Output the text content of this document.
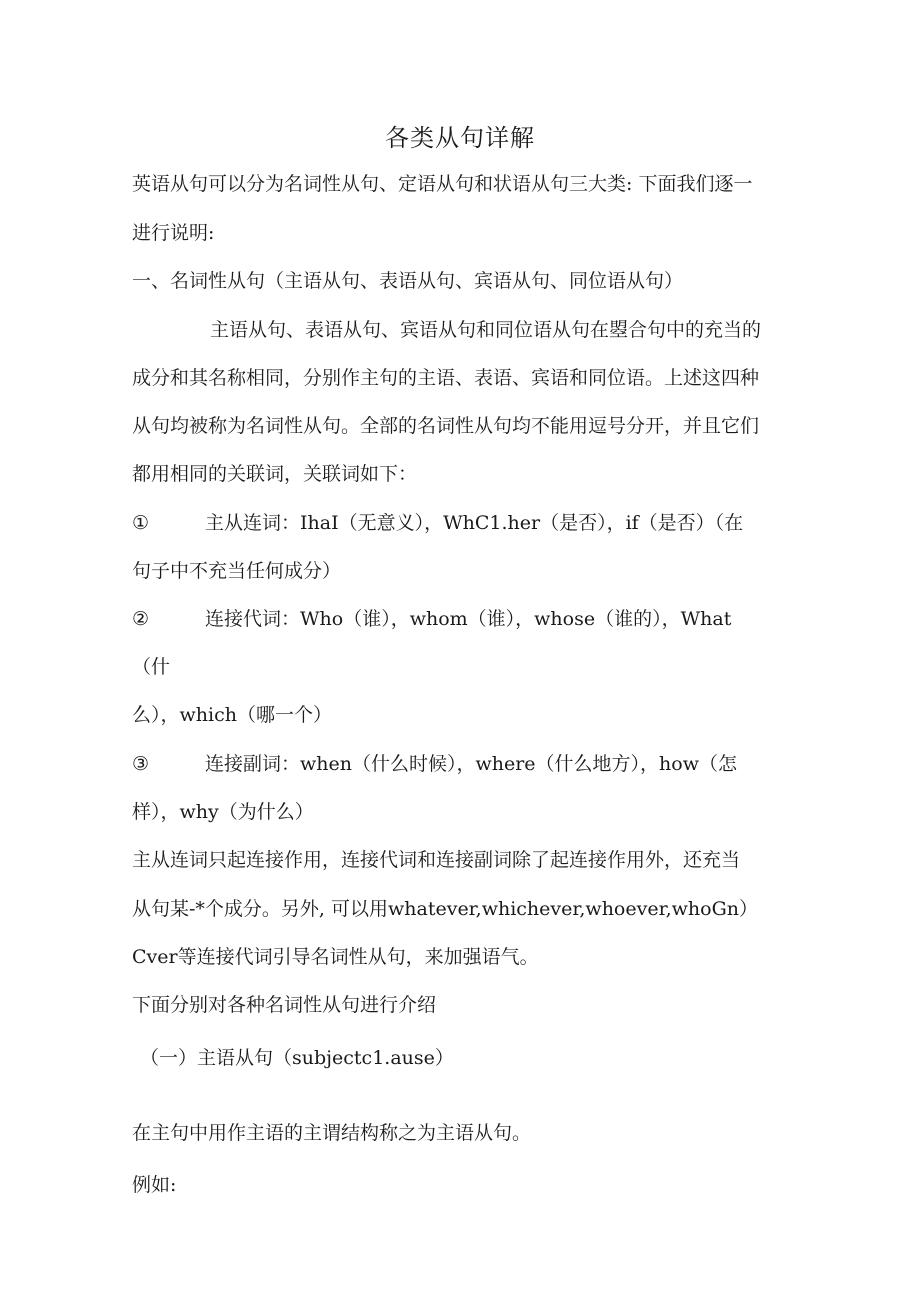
各类从句详解
英语从句可以分为名词性从句、定语从句和状语从句三大类: 下面我们逐一
进行说明:
一、名词性从句（主语从句、表语从句、宾语从句、同位语从句）
主语从句、表语从句、宾语从句和同位语从句在曌合句中的充当的
成分和其名称相同，分别作主句的主语、表语、宾语和同位语。上述这四种
从句均被称为名词性从句。全部的名词性从句均不能用逗号分开，并且它们
都用相同的关联词，关联词如下：
①	主从连词：IhaI（无意义），WhC1.her（是否），if（是否）（在
句子中不充当任何成分）
②	连接代词：Who（谁），whom（谁），whose（谁的），What
（什
么），which（哪一个）
③	连接副词：when（什么时候），where（什么地方），how（怎
样），why（为什么）
主从连词只起连接作用，连接代词和连接副词除了起连接作用外，还充当
从句某-*个成分。另外, 可以用whatever,whichever,whoever,whoGn）
Cver等连接代词引导名词性从句，来加强语气。
下面分别对各种名词性从句进行介绍
（一）主语从句（subjectc1.ause）
在主句中用作主语的主谓结构称之为主语从句。
例如:
